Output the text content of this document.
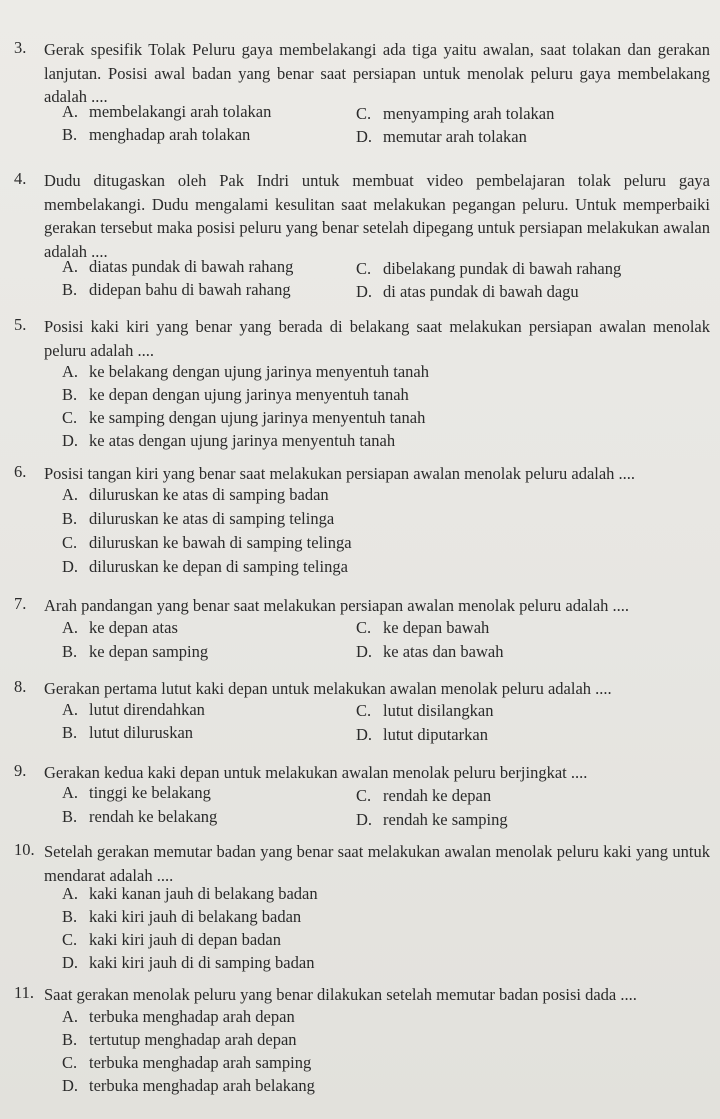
3. Gerak spesifik Tolak Peluru gaya membelakangi ada tiga yaitu awalan, saat tolakan dan gerakan lanjutan. Posisi awal badan yang benar saat persiapan untuk menolak peluru gaya membelakang adalah ....
A. membelakangi arah tolakan
B. menghadap arah tolakan
C. menyamping arah tolakan
D. memutar arah tolakan
4. Dudu ditugaskan oleh Pak Indri untuk membuat video pembelajaran tolak peluru gaya membelakangi. Dudu mengalami kesulitan saat melakukan pegangan peluru. Untuk memperbaiki gerakan tersebut maka posisi peluru yang benar setelah dipegang untuk persiapan melakukan awalan adalah ....
A. diatas pundak di bawah rahang
B. didepan bahu di bawah rahang
C. dibelakang pundak di bawah rahang
D. di atas pundak di bawah dagu
5. Posisi kaki kiri yang benar yang berada di belakang saat melakukan persiapan awalan menolak peluru adalah ....
A. ke belakang dengan ujung jarinya menyentuh tanah
B. ke depan dengan ujung jarinya menyentuh tanah
C. ke samping dengan ujung jarinya menyentuh tanah
D. ke atas dengan ujung jarinya menyentuh tanah
6. Posisi tangan kiri yang benar saat melakukan persiapan awalan menolak peluru adalah ....
A. diluruskan ke atas di samping badan
B. diluruskan ke atas di samping telinga
C. diluruskan ke bawah di samping telinga
D. diluruskan ke depan di samping telinga
7. Arah pandangan yang benar saat melakukan persiapan awalan menolak peluru adalah ....
A. ke depan atas
B. ke depan samping
C. ke depan bawah
D. ke atas dan bawah
8. Gerakan pertama lutut kaki depan untuk melakukan awalan menolak peluru adalah ....
A. lutut direndahkan
B. lutut diluruskan
C. lutut disilangkan
D. lutut diputarkan
9. Gerakan kedua kaki depan untuk melakukan awalan menolak peluru berjingkat ....
A. tinggi ke belakang
B. rendah ke belakang
C. rendah ke depan
D. rendah ke samping
10. Setelah gerakan memutar badan yang benar saat melakukan awalan menolak peluru kaki yang untuk mendarat adalah ....
A. kaki kanan jauh di belakang badan
B. kaki kiri jauh di belakang badan
C. kaki kiri jauh di depan badan
D. kaki kiri jauh di di samping badan
11. Saat gerakan menolak peluru yang benar dilakukan setelah memutar badan posisi dada ....
A. terbuka menghadap arah depan
B. tertutup menghadap arah depan
C. terbuka menghadap arah samping
D. terbuka menghadap arah belakang
